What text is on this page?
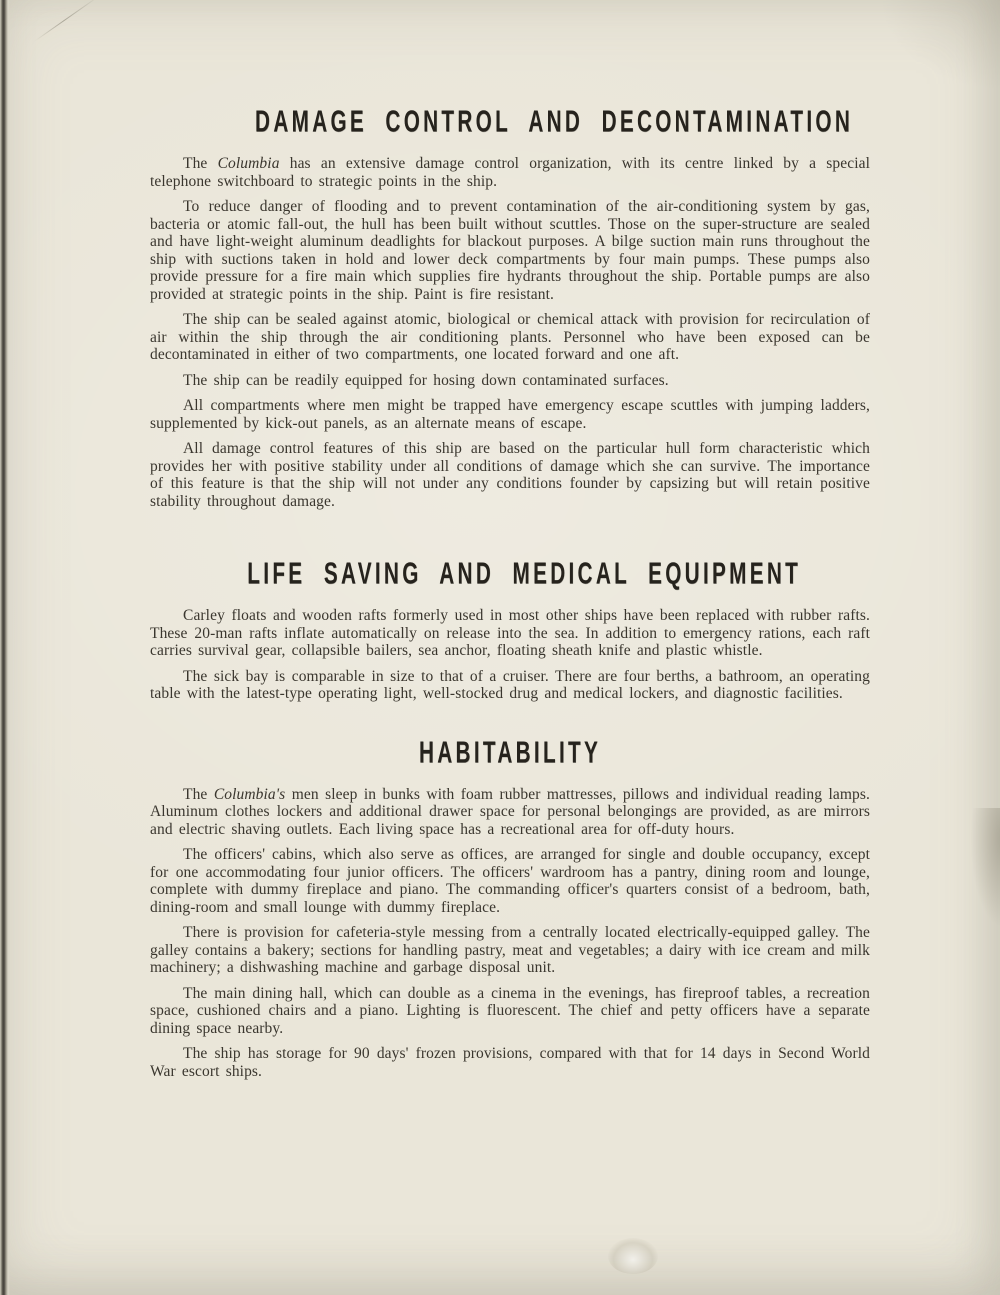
DAMAGE CONTROL AND DECONTAMINATION

The Columbia has an extensive damage control organization, with its centre linked by a special telephone switchboard to strategic points in the ship.

To reduce danger of flooding and to prevent contamination of the air-conditioning system by gas, bacteria or atomic fall-out, the hull has been built without scuttles. Those on the super-structure are sealed and have light-weight aluminum deadlights for blackout purposes. A bilge suction main runs throughout the ship with suctions taken in hold and lower deck compartments by four main pumps. These pumps also provide pressure for a fire main which supplies fire hydrants throughout the ship. Portable pumps are also provided at strategic points in the ship. Paint is fire resistant.

The ship can be sealed against atomic, biological or chemical attack with provision for recirculation of air within the ship through the air conditioning plants. Personnel who have been exposed can be decontaminated in either of two compartments, one located forward and one aft.

The ship can be readily equipped for hosing down contaminated surfaces.

All compartments where men might be trapped have emergency escape scuttles with jumping ladders, supplemented by kick-out panels, as an alternate means of escape.

All damage control features of this ship are based on the particular hull form characteristic which provides her with positive stability under all conditions of damage which she can survive. The importance of this feature is that the ship will not under any conditions founder by capsizing but will retain positive stability throughout damage.

LIFE SAVING AND MEDICAL EQUIPMENT

Carley floats and wooden rafts formerly used in most other ships have been replaced with rubber rafts. These 20-man rafts inflate automatically on release into the sea. In addition to emergency rations, each raft carries survival gear, collapsible bailers, sea anchor, floating sheath knife and plastic whistle.

The sick bay is comparable in size to that of a cruiser. There are four berths, a bathroom, an operating table with the latest-type operating light, well-stocked drug and medical lockers, and diagnostic facilities.

HABITABILITY

The Columbia's men sleep in bunks with foam rubber mattresses, pillows and individual reading lamps. Aluminum clothes lockers and additional drawer space for personal belongings are provided, as are mirrors and electric shaving outlets. Each living space has a recreational area for off-duty hours.

The officers' cabins, which also serve as offices, are arranged for single and double occupancy, except for one accommodating four junior officers. The officers' wardroom has a pantry, dining room and lounge, complete with dummy fireplace and piano. The commanding officer's quarters consist of a bedroom, bath, dining-room and small lounge with dummy fireplace.

There is provision for cafeteria-style messing from a centrally located electrically-equipped galley. The galley contains a bakery; sections for handling pastry, meat and vegetables; a dairy with ice cream and milk machinery; a dishwashing machine and garbage disposal unit.

The main dining hall, which can double as a cinema in the evenings, has fireproof tables, a recreation space, cushioned chairs and a piano. Lighting is fluorescent. The chief and petty officers have a separate dining space nearby.

The ship has storage for 90 days' frozen provisions, compared with that for 14 days in Second World War escort ships.
